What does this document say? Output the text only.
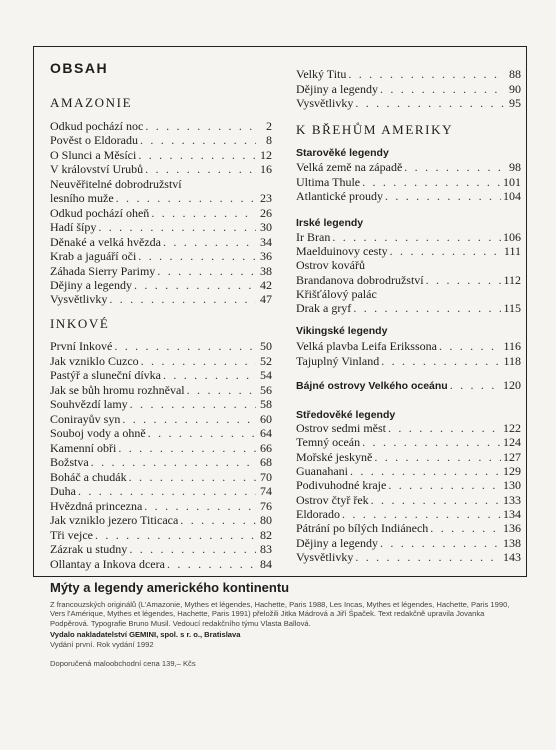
OBSAH
AMAZONIE
Odkud pochází noc . . .	2
Pověst o Eldoradu . . .	8
O Slunci a Měsíci . . .	12
V království Urubů . . .	16
Neuvěřitelné dobrodružství
lesního muže . . .	23
Odkud pochází oheň . . .	26
Hadí šípy . . .	30
Děnaké a velká hvězda . . .	34
Krab a jaguáří oči . . .	36
Záhada Sierry Parimy . . .	38
Dějiny a legendy . . .	42
Vysvětlivky . . .	47
INKOVÉ
První Inkové . . .	50
Jak vzniklo Cuzco . . .	52
Pastýř a sluneční dívka . . .	54
Jak se bůh hromu rozhněval . . .	56
Souhvězdí lamy . . .	58
Conirayův syn . . .	60
Souboj vody a ohně . . .	64
Kamenní obři . . .	66
Božstva . . .	68
Boháč a chudák . . .	70
Duha . . .	74
Hvězdná princezna . . .	76
Jak vzniklo jezero Titicaca . . .	80
Tři vejce . . .	82
Zázrak u studny . . .	83
Ollantay a Inkova dcera . . .	84
Velký Titu . . .	88
Dějiny a legendy . . .	90
Vysvětlivky . . .	95
K BŘEHŮM AMERIKY
Starověké legendy
Velká země na západě . . .	98
Ultima Thule . . .	101
Atlantické proudy . . .	104
Irské legendy
Ir Bran . . .	106
Maelduinovy cesty . . .	111
Ostrov kovářů
Brandanova dobrodružství . . .	112
Křišťálový palác
Drak a gryf . . .	115
Vikingské legendy
Velká plavba Leifa Erikssona . . .	116
Tajuplný Vinland . . .	118
Bájné ostrovy Velkého oceánu . . .	120
Středověké legendy
Ostrov sedmi měst . . .	122
Temný oceán . . .	124
Mořské jeskyně . . .	127
Guanahani . . .	129
Podivuhodné kraje . . .	130
Ostrov čtyř řek . . .	133
Eldorado . . .	134
Pátrání po bílých Indiánech . . .	136
Dějiny a legendy . . .	138
Vysvětlivky . . .	143
Mýty a legendy amerického kontinentu
Z francouzských originálů (L'Amazonie, Mythes et légendes, Hachette, Paris 1988, Les Incas, Mythes et légendes, Hachette, Paris 1990, Vers l'Amérique, Mythes et légendes, Hachette, Paris 1991) přeložili Jitka Mádrová a Jiří Špaček. Text redakčně upravila Jovanka Podpěrová. Typografie Bruno Musil. Vedoucí redakčního týmu Vlasta Ballová.
Vydalo nakladatelství GEMINI, spol. s r. o., Bratislava
Vydání první. Rok vydání 1992
Doporučená maloobchodní cena 139,– Kčs
